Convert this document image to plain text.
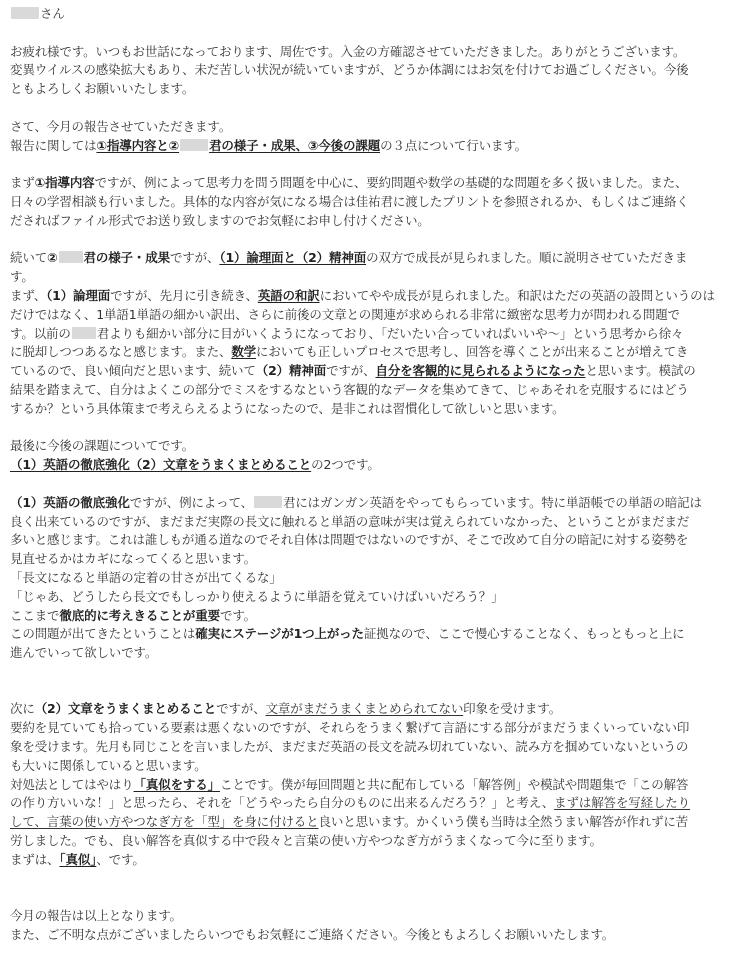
さん
お疲れ様です。いつもお世話になっております、周佐です。入金の方確認させていただきました。ありがとうございます。
変異ウイルスの感染拡大もあり、未だ苦しい状況が続いていますが、どうか体調にはお気を付けてお過ごしください。今後
ともよろしくお願いいたします。
さて、今月の報告させていただきます。
報告に関しては①指導内容と② 君の様子・成果、③今後の課題の３点について行います。
まず①指導内容ですが、例によって思考力を問う問題を中心に、要約問題や数学の基礎的な問題を多く扱いました。また、
日々の学習相談も行いました。具体的な内容が気になる場合は佳祐君に渡したプリントを参照されるか、もしくはご連絡く
ださればファイル形式でお送り致しますのでお気軽にお申し付けください。
続いて② 君の様子・成果ですが、（1）論理面と（2）精神面の双方で成長が見られました。順に説明させていただきま
す。
まず、（1）論理面ですが、先月に引き続き、英語の和訳においてやや成長が見られました。和訳はただの英語の設問というのは
だけではなく、1単語1単語の細かい訳出、さらに前後の文章との関連が求められる非常に緻密な思考力が問われる問題で
す。以前の 君よりも細かい部分に目がいくようになっており、「だいたい合っていればいいや〜」という思考から徐々
に脱却しつつあるなと感じます。また、数学においても正しいプロセスで思考し、回答を導くことが出来ることが増えてき
ているので、良い傾向だと思います、続いて（2）精神面ですが、自分を客観的に見られるようになったと思います。模試の
結果を踏まえて、自分はよくこの部分でミスをするなという客観的なデータを集めてきて、じゃあそれを克服するにはどう
するか？という具体策まで考えらえるようになったので、是非これは習慣化して欲しいと思います。
最後に今後の課題についてです。
（1）英語の徹底強化（2）文章をうまくまとめることの2つです。
（1）英語の徹底強化ですが、例によって、 君にはガンガン英語をやってもらっています。特に単語帳での単語の暗記は
良く出来ているのですが、まだまだ実際の長文に触れると単語の意味が実は覚えられていなかった、ということがまだまだ
多いと感じます。これは誰しもが通る道なのでそれ自体は問題ではないのですが、そこで改めて自分の暗記に対する姿勢を
見直せるかはカギになってくると思います。
「長文になると単語の定着の甘さが出てくるな」
「じゃあ、どうしたら長文でもしっかり使えるように単語を覚えていけばいいだろう？」
ここまで徹底的に考えきることが重要です。
この問題が出てきたということは確実にステージが1つ上がった証拠なので、ここで慢心することなく、もっともっと上に
進んでいって欲しいです。
次に（2）文章をうまくまとめることですが、文章がまだうまくまとめられてない印象を受けます。
要約を見ていても拾っている要素は悪くないのですが、それらをうまく繋げて言語にする部分がまだうまくいっていない印
象を受けます。先月も同じことを言いましたが、まだまだ英語の長文を読み切れていない、読み方を掴めていないというの
も大いに関係していると思います。
対処法としてはやはり「真似をする」ことです。僕が毎回問題と共に配布している「解答例」や模試や問題集で「この解答
の作り方いいな！」と思ったら、それを「どうやったら自分のものに出来るんだろう？」と考え、まずは解答を写経したり
して、言葉の使い方やつなぎ方を「型」を身に付けると良いと思います。かくいう僕も当時は全然うまい解答が作れずに苦
労しました。でも、良い解答を真似する中で段々と言葉の使い方やつなぎ方がうまくなって今に至ります。
まずは、「真似」、です。
今月の報告は以上となります。
また、ご不明な点がございましたらいつでもお気軽にご連絡ください。今後ともよろしくお願いいたします。
